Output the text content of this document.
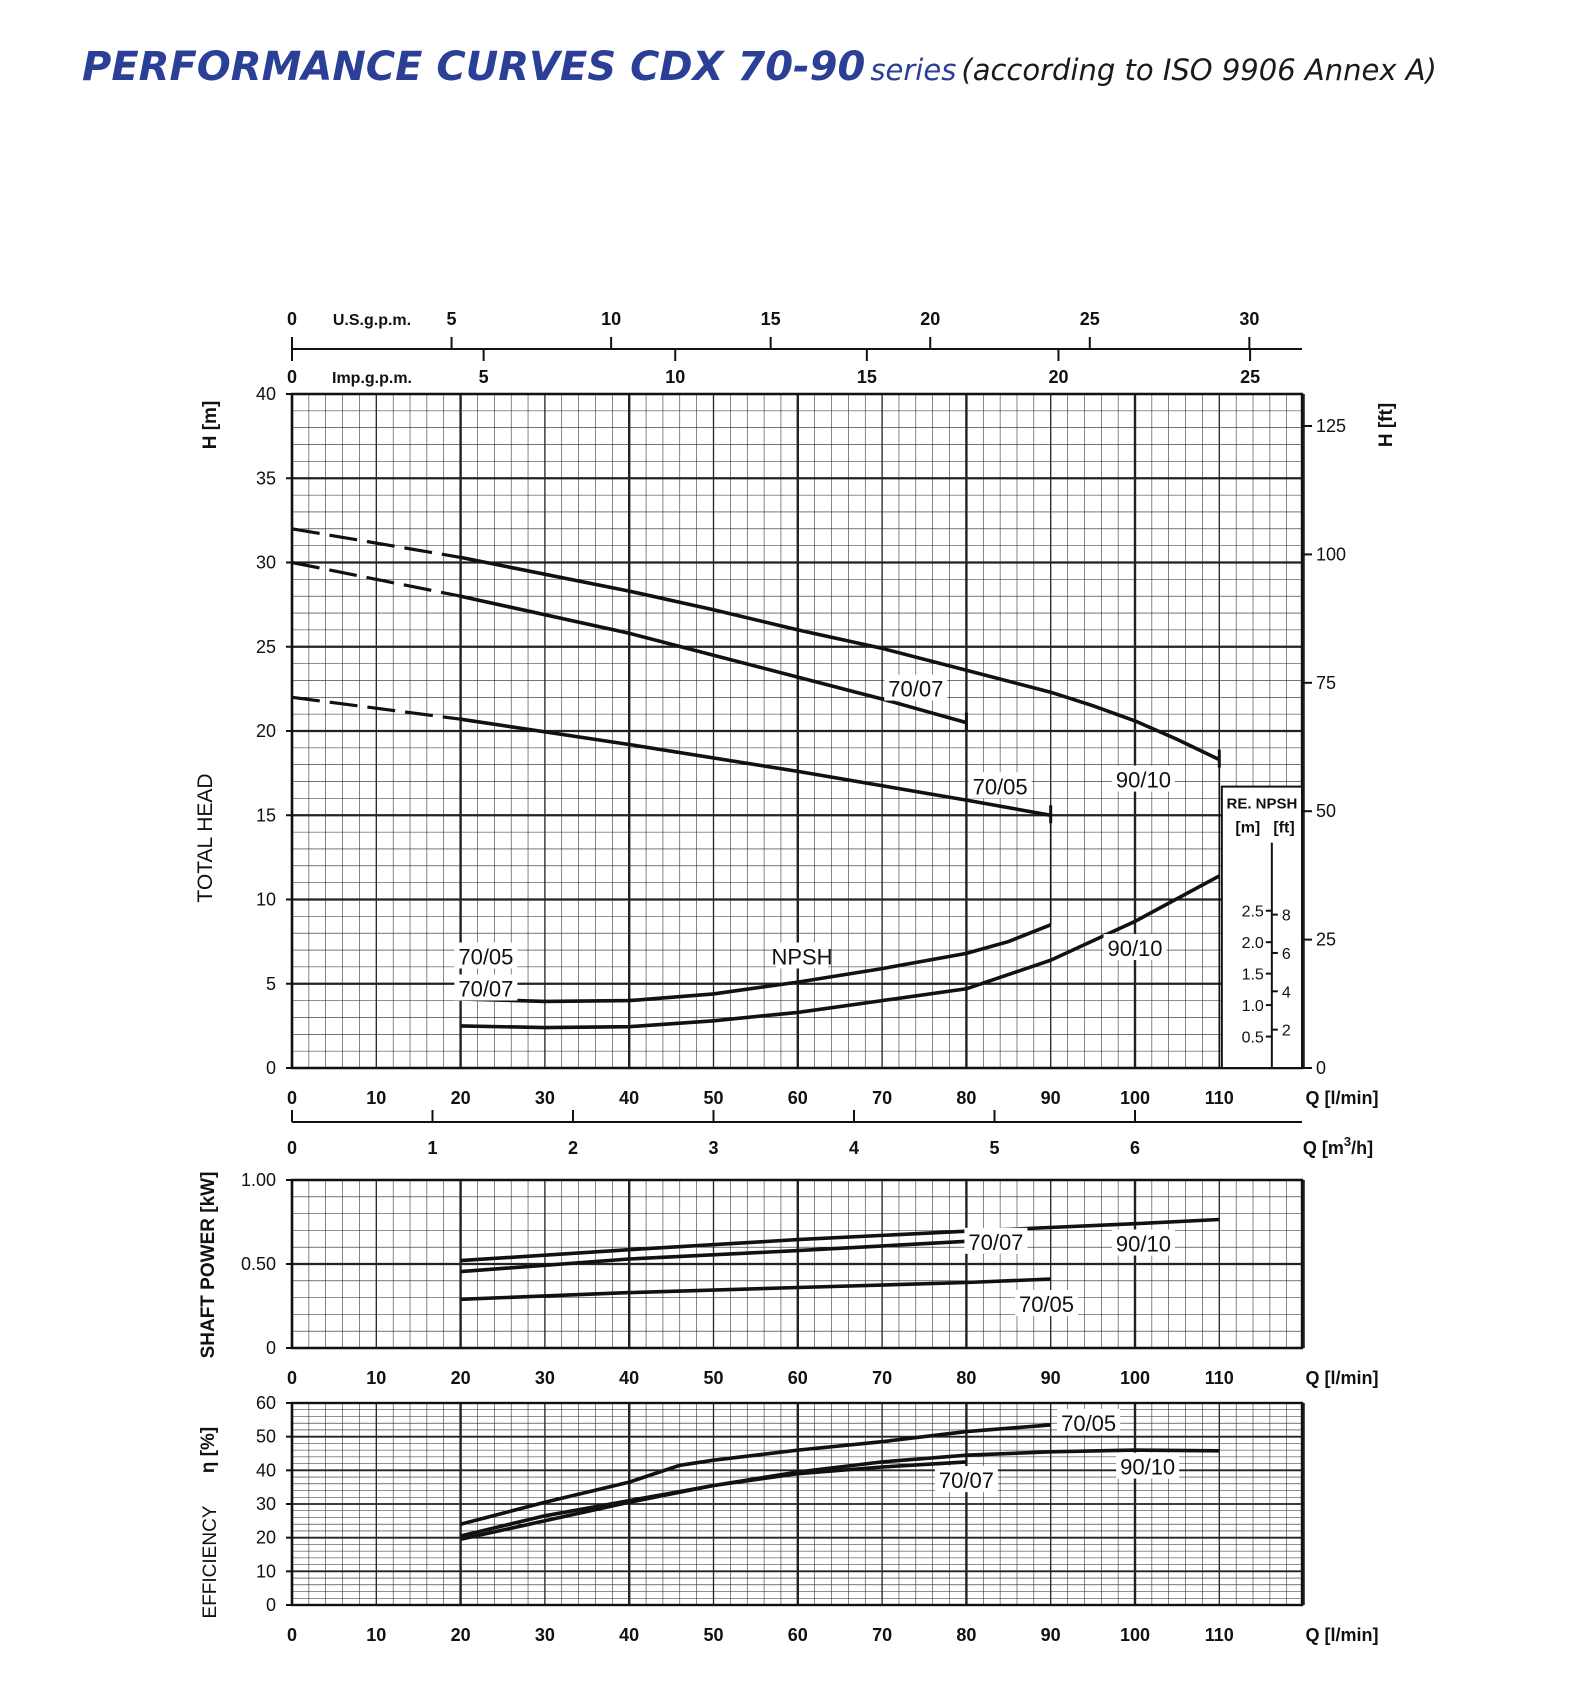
PERFORMANCE CURVES CDX 70-90 series (according to ISO 9906 Annex A)
RE. NPSH
[m] [ft]
0.5
1.0
1.5
2.0
2.5
2
4
6
8
70/07
70/05	90/10
90/10
70/05
70/07
NPSH
0
5
10
15
20
25
30
35
40
0	10	20	30	40	50	60	70	80	90	100	110	Q [l/min]
0
25
50
75
100
125
H [m]	H [ft]
TOTAL HEAD
0	5	10	15	20	25	30
U.S.g.p.m.
0	5	10	15	20	25
Imp.g.p.m.
0	1	2	3	4	5	6	Q $[m^3/h]$
70/07	90/10
70/05
0
0.50
1.00
0	10	20	30	40	50	60	70	80	90	100	110	Q [l/min]
SHAFT POWER [kW]
70/05
70/07
90/10
0
10
20
30
40
50
60
0	10	20	30	40	50	60	70	80	90	100	110	Q [l/min]
η [%]
EFFICIENCY
